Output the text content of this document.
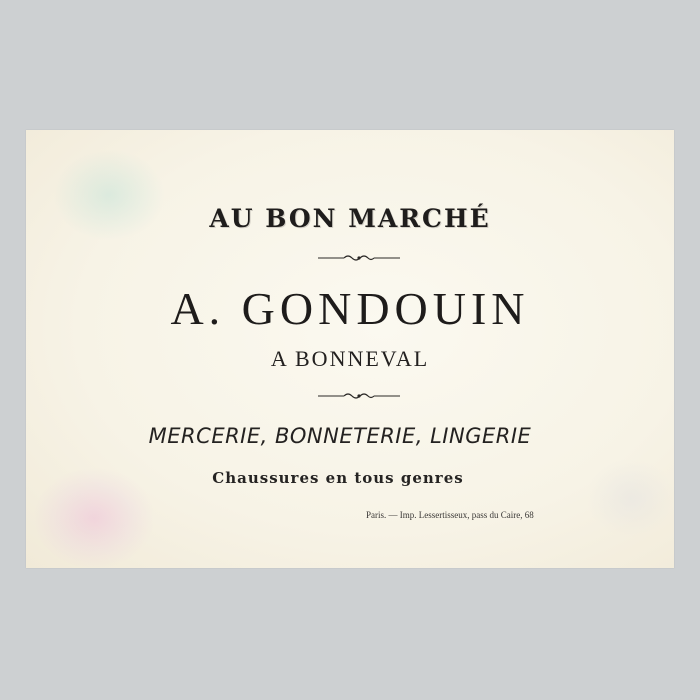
AU BON MARCHÉ
A. GONDOUIN
A BONNEVAL
MERCERIE, BONNETERIE, LINGERIE
Chaussures en tous genres
Paris. — Imp. Lessertisseux, pass du Caire, 68
